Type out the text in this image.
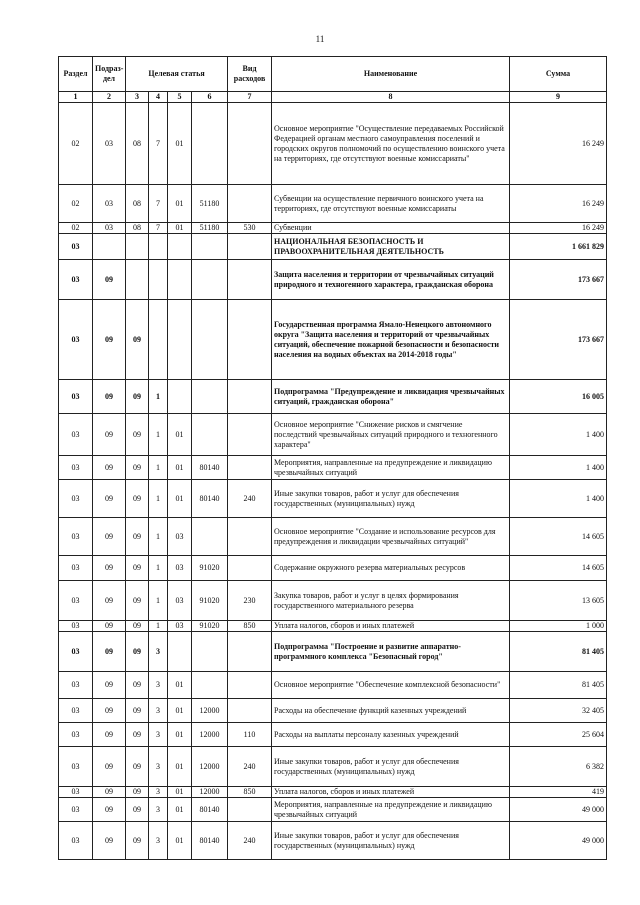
11
Раздел	Подраз-дел	Целевая статья				Вид расходов	Наименование	Сумма
1	2	3	4	5	6	7	8	9
02	03	08	7	01			Основное мероприятие "Осуществление передаваемых Российской Федерацией органам местного самоуправления поселений и городских округов полномочий по осуществлению воинского учета на территориях, где отсутствуют военные комиссариаты"	16 249
02	03	08	7	01	51180		Субвенции на осуществление первичного воинского учета на территориях, где отсутствуют военные комиссариаты	16 249
02	03	08	7	01	51180	530	Субвенции	16 249
03							НАЦИОНАЛЬНАЯ БЕЗОПАСНОСТЬ И ПРАВООХРАНИТЕЛЬНАЯ ДЕЯТЕЛЬНОСТЬ	1 661 829
03	09						Защита населения и территории от чрезвычайных ситуаций природного и техногенного характера, гражданская оборона	173 667
03	09	09					Государственная программа Ямало-Ненецкого автономного округа "Защита населения и территорий от чрезвычайных ситуаций, обеспечение пожарной безопасности и безопасности населения на водных объектах на 2014-2018 годы"	173 667
03	09	09	1				Подпрограмма "Предупреждение и ликвидация чрезвычайных ситуаций, гражданская оборона"	16 005
03	09	09	1	01			Основное мероприятие "Снижение рисков и смягчение последствий чрезвычайных ситуаций природного и техногенного характера"	1 400
03	09	09	1	01	80140		Мероприятия, направленные на предупреждение и ликвидацию чрезвычайных ситуаций	1 400
03	09	09	1	01	80140	240	Иные закупки товаров, работ и услуг для обеспечения государственных (муниципальных) нужд	1 400
03	09	09	1	03			Основное мероприятие "Создание и использование ресурсов для предупреждения и ликвидации чрезвычайных ситуаций"	14 605
03	09	09	1	03	91020		Содержание окружного резерва материальных ресурсов	14 605
03	09	09	1	03	91020	230	Закупка товаров, работ и услуг в целях формирования государственного материального резерва	13 605
03	09	09	1	03	91020	850	Уплата налогов, сборов и иных платежей	1 000
03	09	09	3				Подпрограмма "Построение и развитие аппаратно-программного комплекса "Безопасный город"	81 405
03	09	09	3	01			Основное мероприятие "Обеспечение комплексной безопасности"	81 405
03	09	09	3	01	12000		Расходы на обеспечение функций казенных учреждений	32 405
03	09	09	3	01	12000	110	Расходы на выплаты персоналу казенных учреждений	25 604
03	09	09	3	01	12000	240	Иные закупки товаров, работ и услуг для обеспечения государственных (муниципальных) нужд	6 382
03	09	09	3	01	12000	850	Уплата налогов, сборов и иных платежей	419
03	09	09	3	01	80140		Мероприятия, направленные на предупреждение и ликвидацию чрезвычайных ситуаций	49 000
03	09	09	3	01	80140	240	Иные закупки товаров, работ и услуг для обеспечения государственных (муниципальных) нужд	49 000
